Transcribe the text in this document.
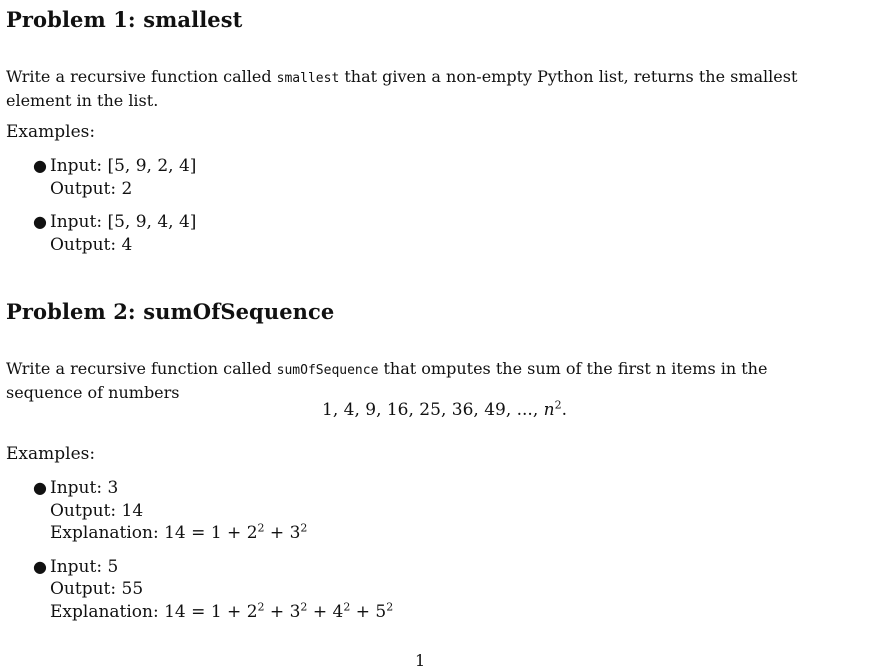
Problem 1: smallest

Write a recursive function called smallest that given a non-empty Python list, returns the smallest element in the list.

Examples:

● Input: [5, 9, 2, 4]
Output: 2
● Input: [5, 9, 4, 4]
Output: 4
Problem 2: sumOfSequence

Write a recursive function called sumOfSequence that omputes the sum of the first n items in the sequence of numbers

1, 4, 9, 16, 25, 36, 49, ..., $n^2$.

Examples:

● Input: 3
Output: 14
Explanation: $14 = 1 + 2^2 + 3^2$
● Input: 5
Output: 55
Explanation: $14 = 1 + 2^2 + 3^2 + 4^2 + 5^2$
1
